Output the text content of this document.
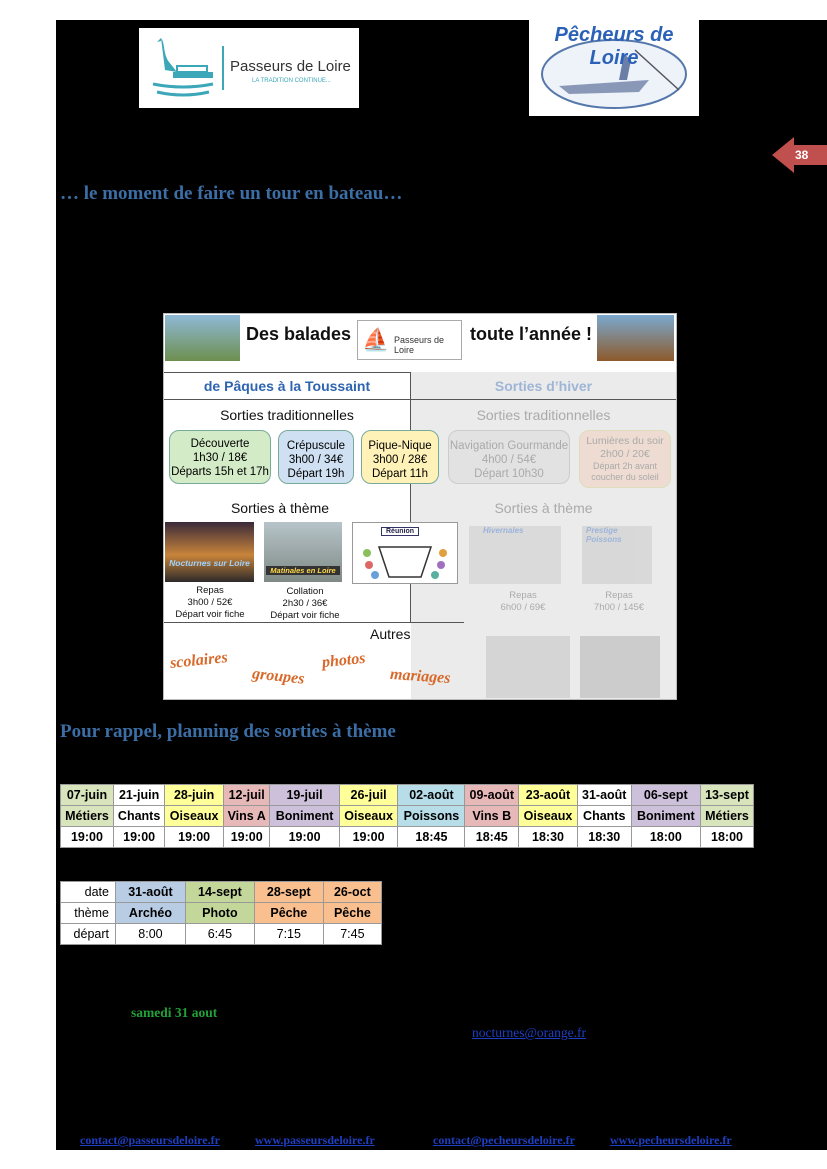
Passeurs de Loire
LA TRADITION CONTINUE...
Pêcheurs de Loire
38
… le moment de faire un tour en bateau…
Des balades ⛵ Passeurs de Loire
toute l’année !
de Pâques à la Toussaint	Sorties d’hiver
Sorties traditionnelles	Sorties traditionnelles
Découverte
1h30 / 18€
Départs 15h et 17h
Crépuscule
3h00 / 34€
Départ 19h
Pique-Nique
3h00 / 28€
Départ 11h
Navigation Gourmande
4h00 / 54€
Départ 10h30
Lumières du soir
2h00 / 20€
Départ 2h avant coucher du soleil
Sorties à thème	Sorties à thème
Nocturnes sur Loire
Matinales en Loire
Réunion	Hivernales	Prestige Poissons
Repas
3h00 / 52€
Départ voir fiche
Collation
2h30 / 36€
Départ voir fiche
Repas
6h00 / 69€
Repas
7h00 / 145€
Autres
scolaires
groupes
photos
mariages
Pour rappel, planning des sorties à thème
07-juin	21-juin	28-juin	12-juil	19-juil	26-juil	02-août	09-août	23-août	31-août	06-sept	13-sept
Métiers	Chants	Oiseaux	Vins A	Boniment	Oiseaux	Poissons	Vins B	Oiseaux	Chants	Boniment	Métiers
19:00	19:00	19:00	19:00	19:00	19:00	18:45	18:45	18:30	18:30	18:00	18:00
date	31-août	14-sept	28-sept	26-oct
thème	Archéo	Photo	Pêche	Pêche
départ	8:00	6:45	7:15	7:45
samedi 31 aout
nocturnes@orange.fr
contact@passeursdeloire.fr	www.passeursdeloire.fr	contact@pecheursdeloire.fr	www.pecheursdeloire.fr
